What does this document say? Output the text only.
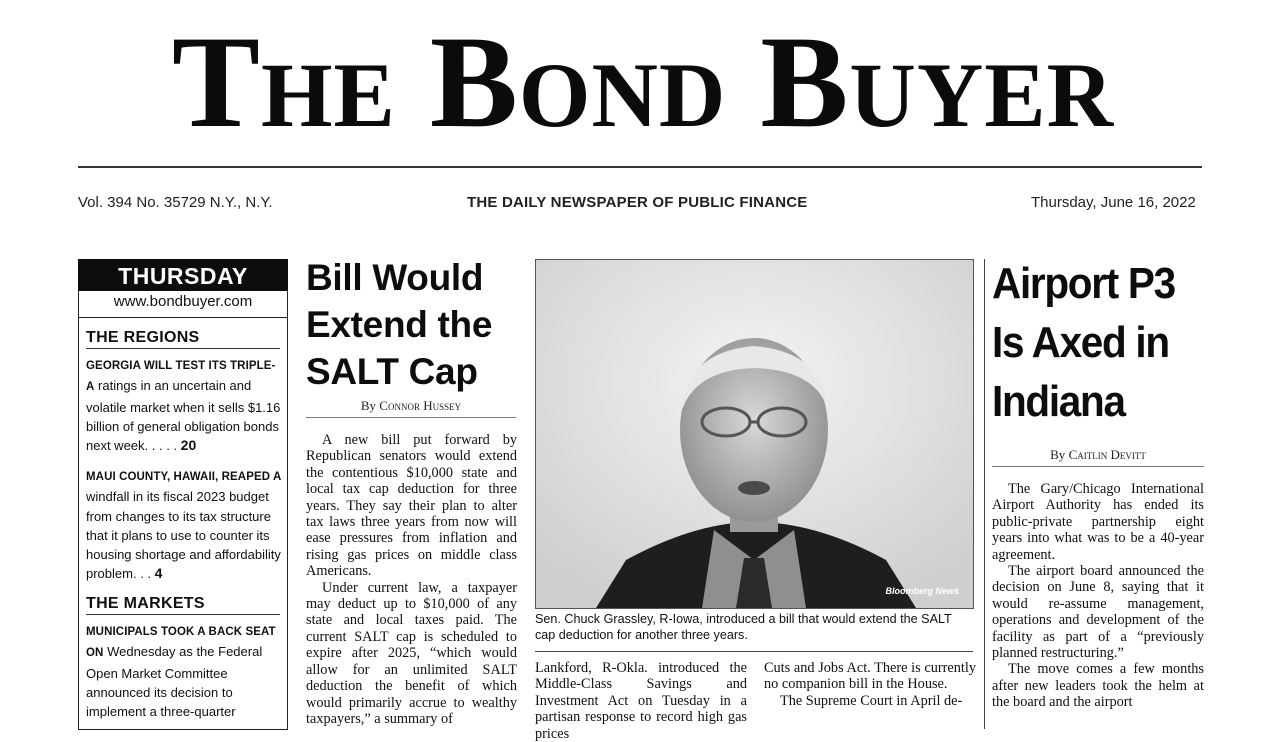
The Bond Buyer
Vol. 394 No. 35729 N.Y., N.Y.	THE DAILY NEWSPAPER OF PUBLIC FINANCE	Thursday, June 16, 2022
THURSDAY
www.bondbuyer.com
THE REGIONS
GEORGIA WILL TEST ITS TRIPLE-A ratings in an uncertain and volatile market when it sells $1.16 billion of general obligation bonds next week. . . . . 20
MAUI COUNTY, HAWAII, REAPED A windfall in its fiscal 2023 budget from changes to its tax structure that it plans to use to counter its housing shortage and affordability problem. . . 4
THE MARKETS
MUNICIPALS TOOK A BACK SEAT ON Wednesday as the Federal Open Market Committee announced its decision to implement a three-quarter
Bill Would Extend the SALT Cap
By Connor Hussey

A new bill put forward by Republican senators would extend the contentious $10,000 state and local tax cap deduction for three years. They say their plan to alter tax laws three years from now will ease pressures from inflation and rising gas prices on middle class Americans.

Under current law, a taxpayer may deduct up to $10,000 of any state and local taxes paid. The current SALT cap is scheduled to expire after 2025, “which would allow for an unlimited SALT deduction the benefit of which would primarily accrue to wealthy taxpayers,” a summary of

Bloomberg News
Sen. Chuck Grassley, R-Iowa, introduced a bill that would extend the SALT cap deduction for another three years.

Lankford, R-Okla. introduced the Middle-Class Savings and Investment Act on Tuesday in a partisan response to record high gas prices

Cuts and Jobs Act. There is currently no companion bill in the House.

The Supreme Court in April de-

Airport P3 Is Axed in Indiana
By Caitlin Devitt

The Gary/Chicago International Airport Authority has ended its public-private partnership eight years into what was to be a 40-year agreement.

The airport board announced the decision on June 8, saying that it would re-assume management, operations and development of the facility as part of a “previously planned restructuring.”

The move comes a few months after new leaders took the helm at the board and the airport
